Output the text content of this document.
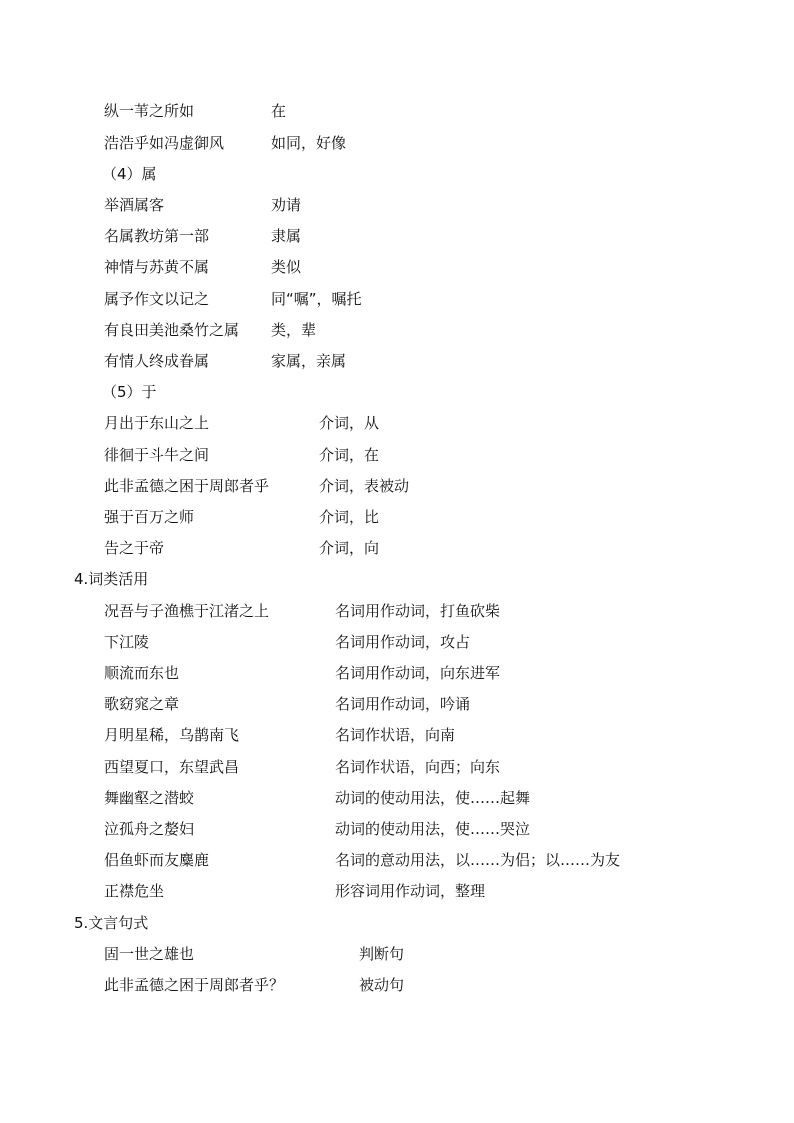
纵一苇之所如	在
浩浩乎如冯虚御风	如同，好像
（4）属
举酒属客	劝请
名属教坊第一部	隶属
神情与苏黄不属	类似
属予作文以记之	同“嘱”，嘱托
有良田美池桑竹之属 类，辈
有情人终成眷属	家属，亲属
（5）于
月出于东山之上	介词，从
徘徊于斗牛之间	介词，在
此非孟德之困于周郎者乎	介词，表被动
强于百万之师	介词，比
告之于帝	介词，向
4.词类活用
况吾与子渔樵于江渚之上	名词用作动词，打鱼砍柴
下江陵	名词用作动词，攻占
顺流而东也	名词用作动词，向东进军
歌窈窕之章	名词用作动词，吟诵
月明星稀，乌鹊南飞	名词作状语，向南
西望夏口，东望武昌	名词作状语，向西；向东
舞幽壑之潜蛟	动词的使动用法，使……起舞
泣孤舟之嫠妇	动词的使动用法，使……哭泣
侣鱼虾而友麋鹿	名词的意动用法，以……为侣；以……为友
正襟危坐	形容词用作动词，整理
5.文言句式
固一世之雄也	判断句
此非孟德之困于周郎者乎？	被动句
